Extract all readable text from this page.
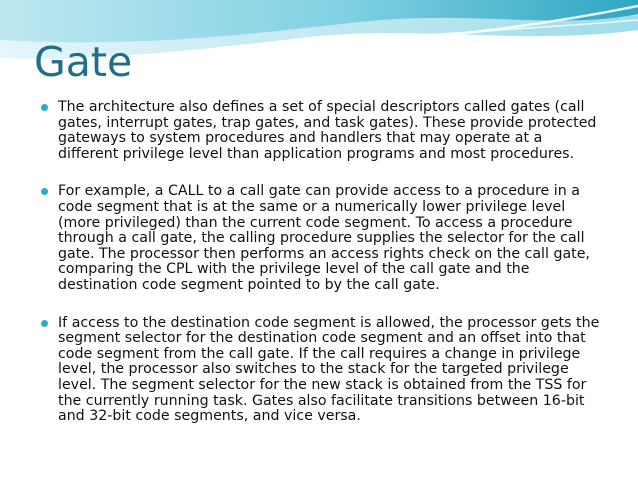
Gate
The architecture also defines a set of special descriptors called gates (call gates, interrupt gates, trap gates, and task gates). These provide protected gateways to system procedures and handlers that may operate at a different privilege level than application programs and most procedures.
For example, a CALL to a call gate can provide access to a procedure in a code segment that is at the same or a numerically lower privilege level (more privileged) than the current code segment. To access a procedure through a call gate, the calling procedure supplies the selector for the call gate. The processor then performs an access rights check on the call gate, comparing the CPL with the privilege level of the call gate and the destination code segment pointed to by the call gate.
If access to the destination code segment is allowed, the processor gets the segment selector for the destination code segment and an offset into that code segment from the call gate. If the call requires a change in privilege level, the processor also switches to the stack for the targeted privilege level. The segment selector for the new stack is obtained from the TSS for the currently running task. Gates also facilitate transitions between 16-bit and 32-bit code segments, and vice versa.
